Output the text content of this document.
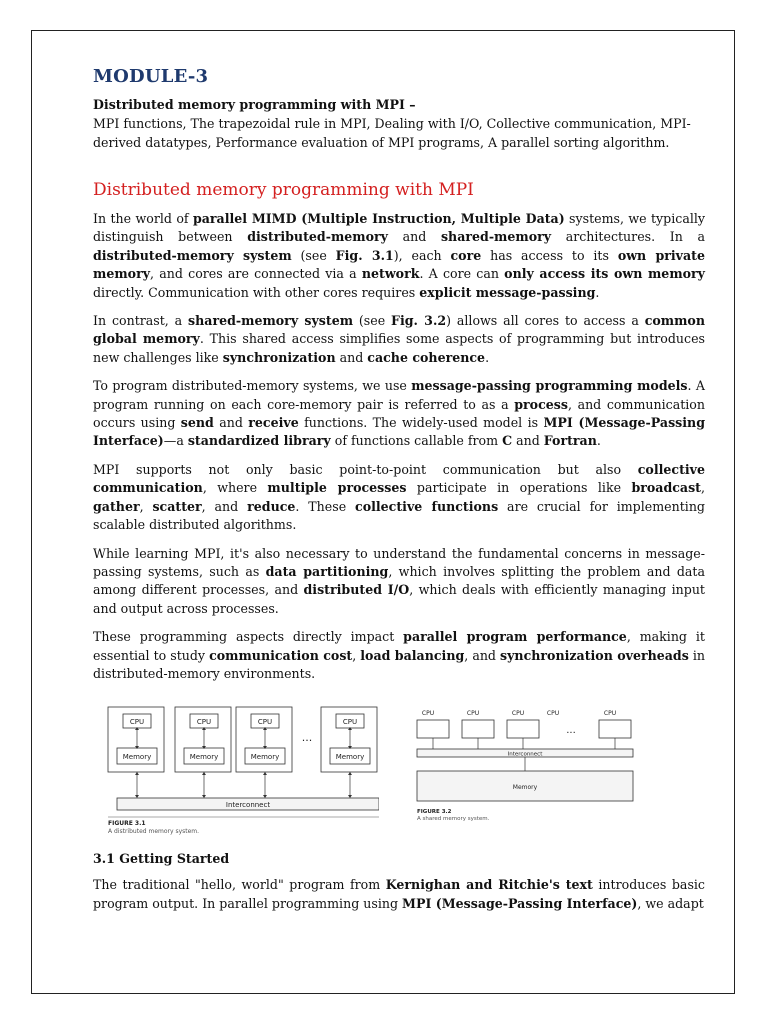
MODULE-3
Distributed memory programming with MPI –
MPI functions, The trapezoidal rule in MPI, Dealing with I/O, Collective communication, MPI-derived datatypes, Performance evaluation of MPI programs, A parallel sorting algorithm.
Distributed memory programming with MPI

In the world of parallel MIMD (Multiple Instruction, Multiple Data) systems, we typically distinguish between distributed-memory and shared-memory architectures. In a distributed-memory system (see Fig. 3.1), each core has access to its own private memory, and cores are connected via a network. A core can only access its own memory directly. Communication with other cores requires explicit message-passing.

In contrast, a shared-memory system (see Fig. 3.2) allows all cores to access a common global memory. This shared access simplifies some aspects of programming but introduces new challenges like synchronization and cache coherence.

To program distributed-memory systems, we use message-passing programming models. A program running on each core-memory pair is referred to as a process, and communication occurs using send and receive functions. The widely-used model is MPI (Message-Passing Interface)—a standardized library of functions callable from C and Fortran.

MPI supports not only basic point-to-point communication but also collective communication, where multiple processes participate in operations like broadcast, gather, scatter, and reduce. These collective functions are crucial for implementing scalable distributed algorithms.

While learning MPI, it's also necessary to understand the fundamental concerns in message-passing systems, such as data partitioning, which involves splitting the problem and data among different processes, and distributed I/O, which deals with efficiently managing input and output across processes.

These programming aspects directly impact parallel program performance, making it essential to study communication cost, load balancing, and synchronization overheads in distributed-memory environments.

CPU	CPU	CPU	CPU
Memory	Memory	Memory	Memory
...
Interconnect
FIGURE 3.1
A distributed memory system.
CPU	CPU	CPU	CPU	CPU
...
Interconnect
Memory
FIGURE 3.2
A shared memory system.
3.1 Getting Started

The traditional "hello, world" program from Kernighan and Ritchie's text introduces basic program output. In parallel programming using MPI (Message-Passing Interface), we adapt
